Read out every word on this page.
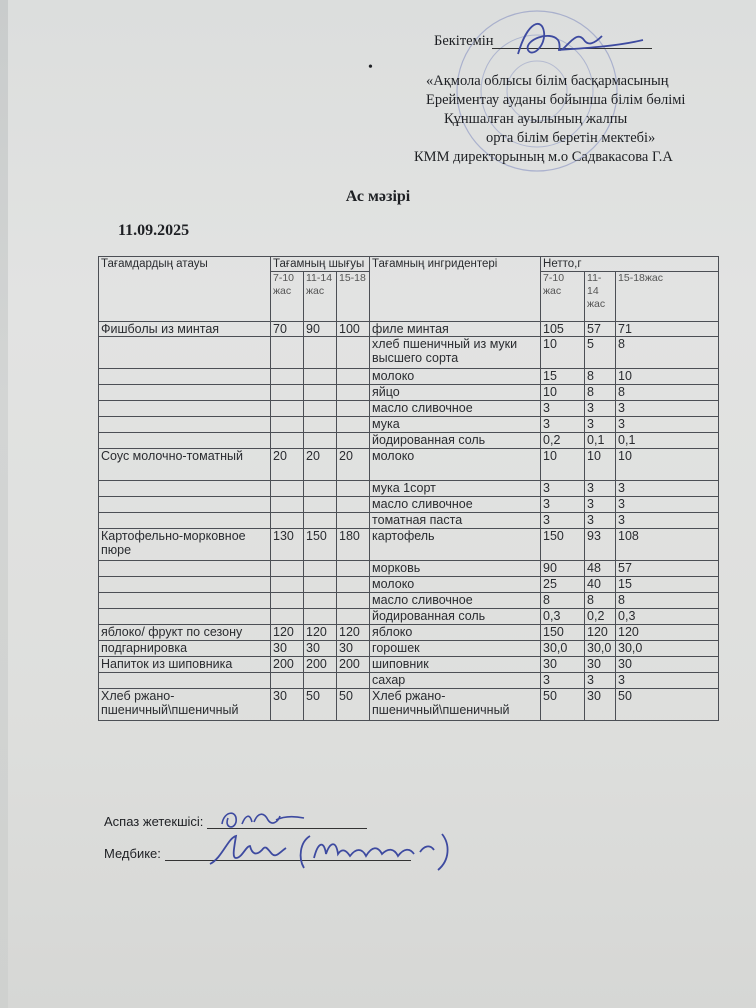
Бекітемін
«Ақмола облысы білім басқармасының
Ерейментау ауданы бойынша білім бөлімі
Құншалған ауылының жалпы
орта білім беретін мектебі»
КММ директорының м.о Садвакасова Г.А
•
Ас мәзірі
11.09.2025
Тағамдардың атауы	Тағамның шығуы			Тағамның ингридентері	Нетто,г		
	7-10 жас	11-14 жас	15-18		7-10 жас	11-14 жас	15-18жас
Фишболы из минтая	70	90	100	филе минтая	105	57	71
				хлеб пшеничный из муки высшего сорта	10	5	8
				молоко	15	8	10
				яйцо	10	8	8
				масло сливочное	3	3	3
				мука	3	3	3
				йодированная соль	0,2	0,1	0,1
Соус молочно-томатный	20	20	20	молоко	10	10	10
				мука 1сорт	3	3	3
				масло сливочное	3	3	3
				томатная паста	3	3	3
Картофельно-морковное пюре	130	150	180	картофель	150	93	108
				морковь	90	48	57
				молоко	25	40	15
				масло сливочное	8	8	8
				йодированная соль	0,3	0,2	0,3
яблоко/ фрукт по сезону	120	120	120	яблоко	150	120	120
подгарнировка	30	30	30	горошек	30,0	30,0	30,0
Напиток из шиповника	200	200	200	шиповник	30	30	30
				сахар	3	3	3
Хлеб ржано-пшеничный\пшеничный	30	50	50	Хлеб ржано-пшеничный\пшеничный	50	30	50
Аспаз жетекшісі:
Медбике:
